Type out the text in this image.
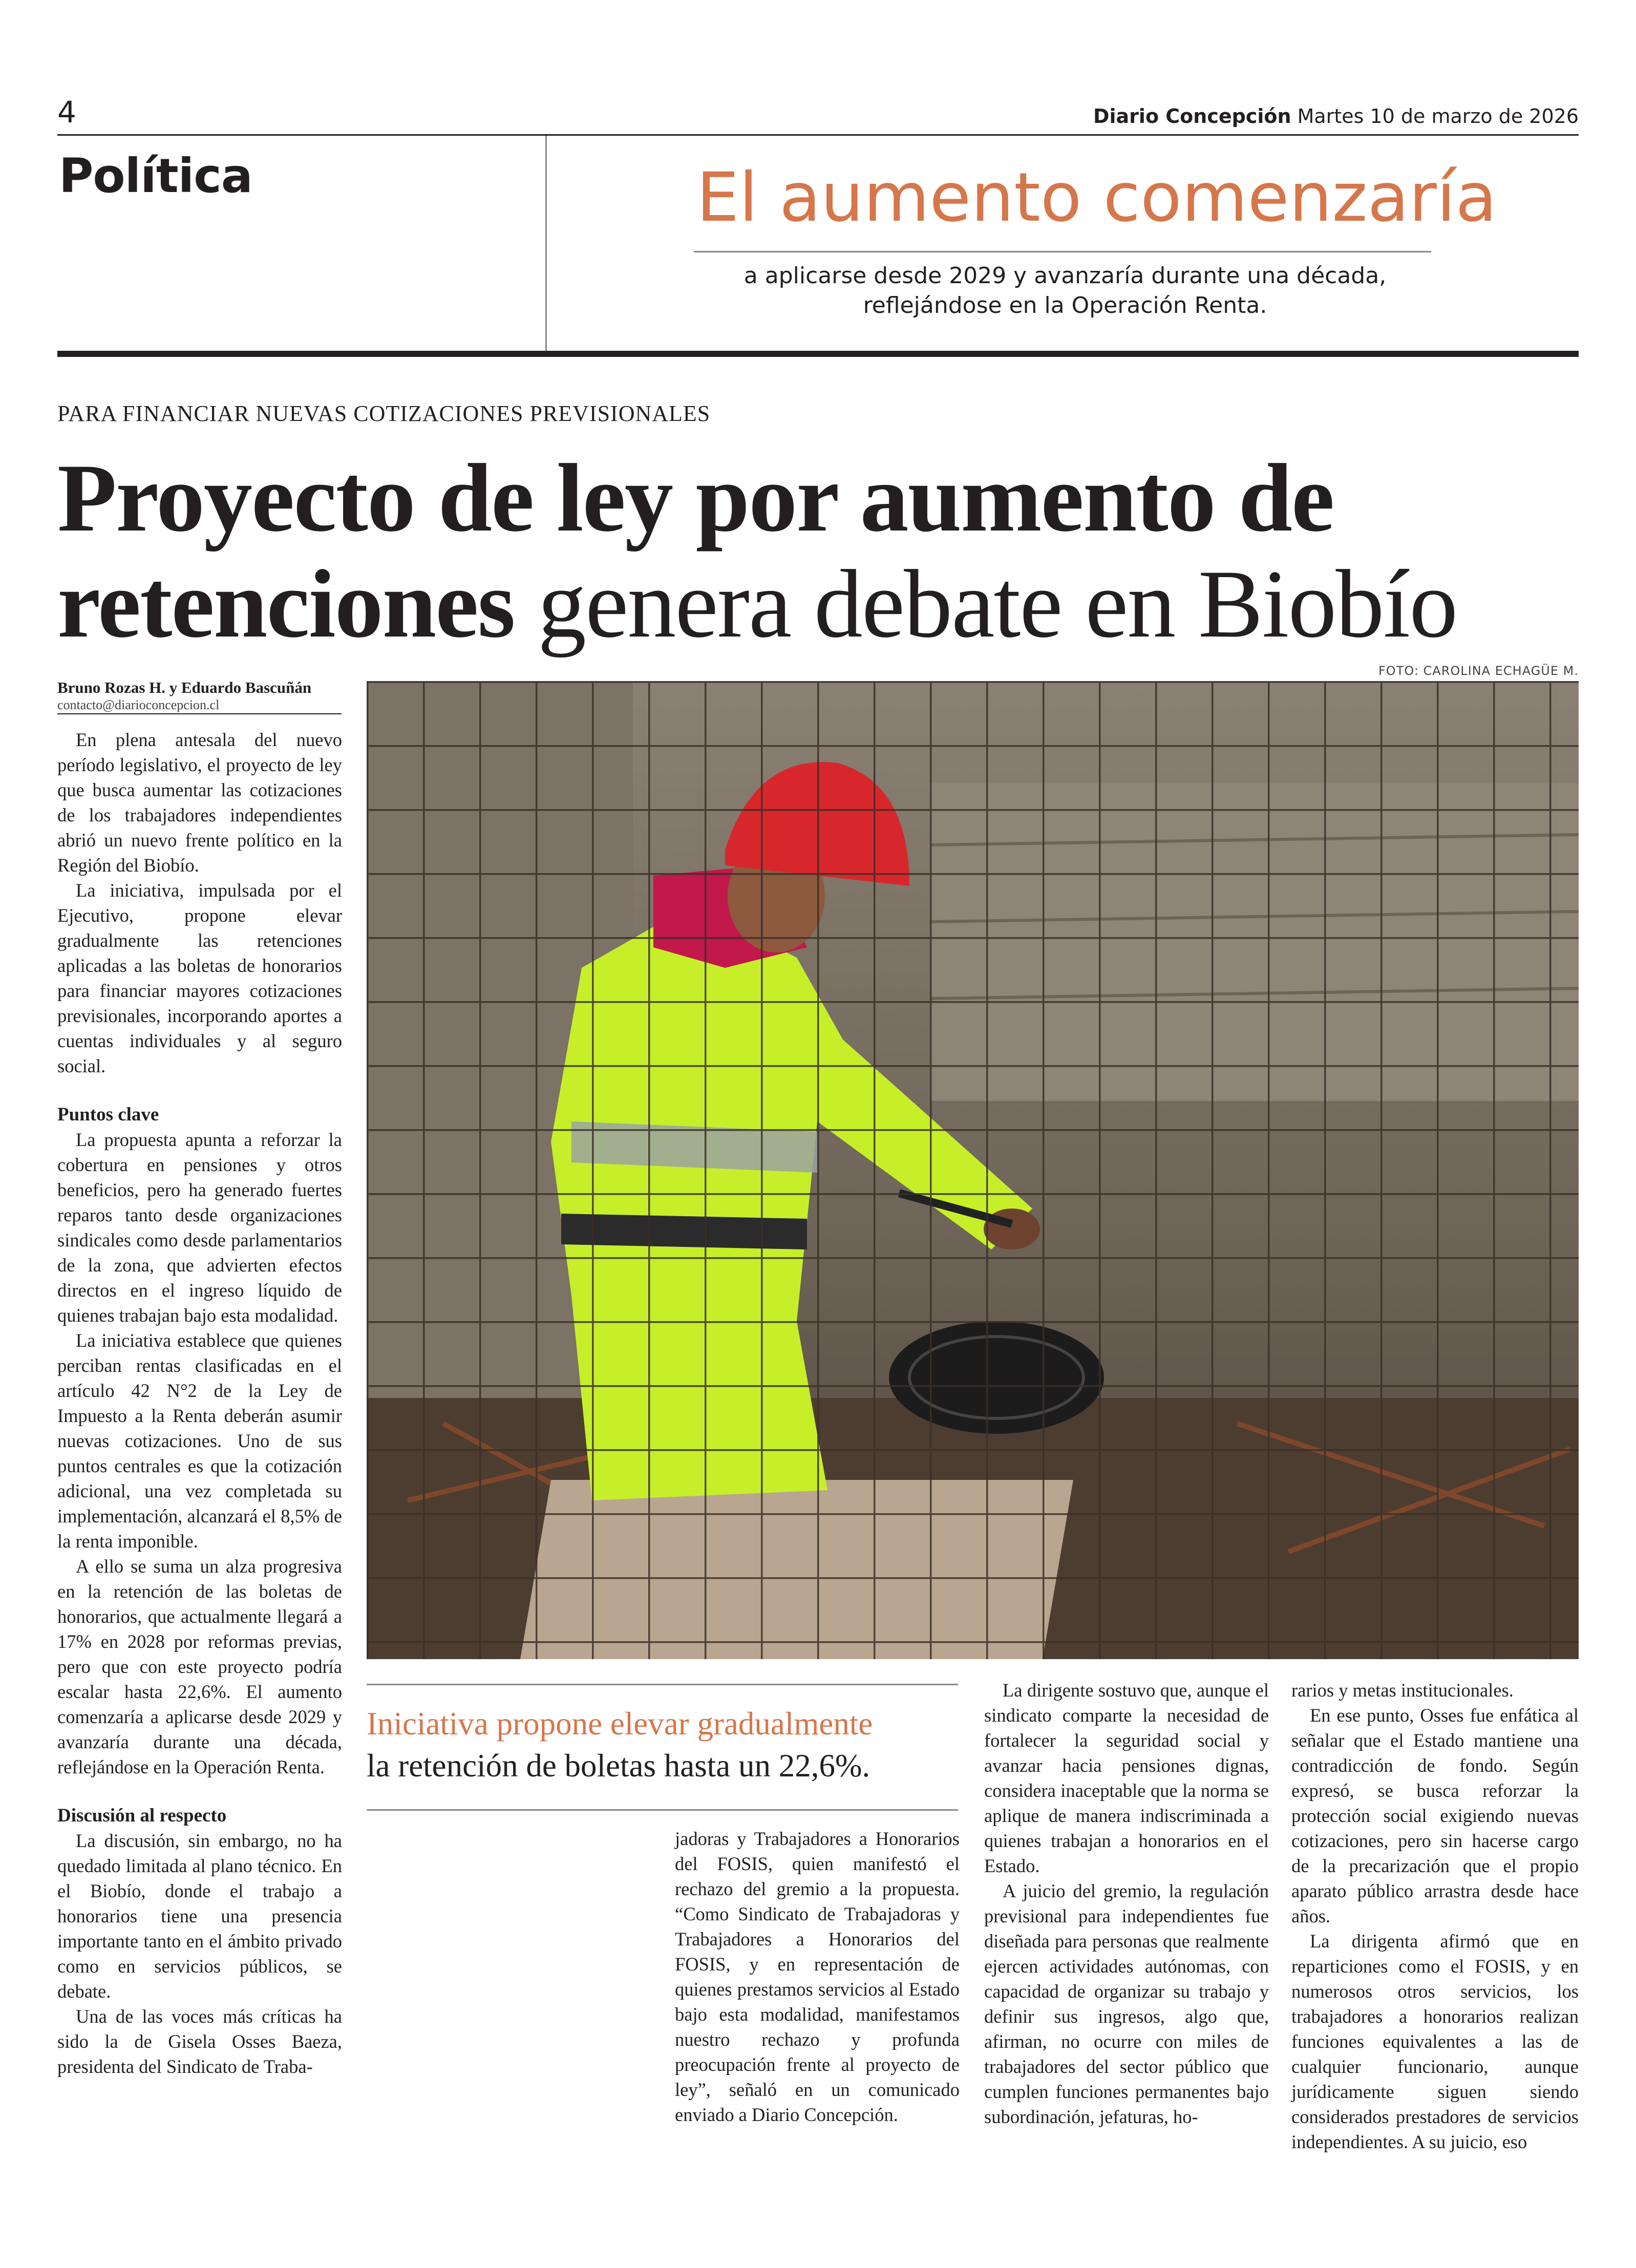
4	Diario Concepción Martes 10 de marzo de 2026
Política	El aumento comenzaría
a aplicarse desde 2029 y avanzaría durante una década,
reflejándose en la Operación Renta.
PARA FINANCIAR NUEVAS COTIZACIONES PREVISIONALES
Proyecto de ley por aumento de
retenciones genera debate en Biobío
Bruno Rozas H. y Eduardo Bascuñán
contacto@diarioconcepcion.cl
FOTO: CAROLINA ECHAGÜE M.

En plena antesala del nuevo período legislativo, el proyecto de ley que busca aumentar las cotizaciones de los trabajadores independientes abrió un nuevo frente político en la Región del Biobío.

La iniciativa, impulsada por el Ejecutivo, propone elevar gradualmente las retenciones aplicadas a las boletas de honorarios para financiar mayores cotizaciones previsionales, incorporando aportes a cuentas individuales y al seguro social.

Puntos clave

La propuesta apunta a reforzar la cobertura en pensiones y otros beneficios, pero ha generado fuertes reparos tanto desde organizaciones sindicales como desde parlamentarios de la zona, que advierten efectos directos en el ingreso líquido de quienes trabajan bajo esta modalidad.

La iniciativa establece que quienes perciban rentas clasificadas en el artículo 42 N°2 de la Ley de Impuesto a la Renta deberán asumir nuevas cotizaciones. Uno de sus puntos centrales es que la cotización adicional, una vez completada su implementación, alcanzará el 8,5% de la renta imponible.

A ello se suma un alza progresiva en la retención de las boletas de honorarios, que actualmente llegará a 17% en 2028 por reformas previas, pero que con este proyecto podría escalar hasta 22,6%. El aumento comenzaría a aplicarse desde 2029 y avanzaría durante una década, reflejándose en la Operación Renta.

Discusión al respecto

La discusión, sin embargo, no ha quedado limitada al plano técnico. En el Biobío, donde el trabajo a honorarios tiene una presencia importante tanto en el ámbito privado como en servicios públicos, se debate.

Una de las voces más críticas ha sido la de Gisela Osses Baeza, presidenta del Sindicato de Traba-

Iniciativa propone elevar gradualmente
la retención de boletas hasta un 22,6%.

jadoras y Trabajadores a Honorarios del FOSIS, quien manifestó el rechazo del gremio a la propuesta. “Como Sindicato de Trabajadoras y Trabajadores a Honorarios del FOSIS, y en representación de quienes prestamos servicios al Estado bajo esta modalidad, manifestamos nuestro rechazo y profunda preocupación frente al proyecto de ley”, señaló en un comunicado enviado a Diario Concepción.

La dirigente sostuvo que, aunque el sindicato comparte la necesidad de fortalecer la seguridad social y avanzar hacia pensiones dignas, considera inaceptable que la norma se aplique de manera indiscriminada a quienes trabajan a honorarios en el Estado.

A juicio del gremio, la regulación previsional para independientes fue diseñada para personas que realmente ejercen actividades autónomas, con capacidad de organizar su trabajo y definir sus ingresos, algo que, afirman, no ocurre con miles de trabajadores del sector público que cumplen funciones permanentes bajo subordinación, jefaturas, ho-

rarios y metas institucionales.

En ese punto, Osses fue enfática al señalar que el Estado mantiene una contradicción de fondo. Según expresó, se busca reforzar la protección social exigiendo nuevas cotizaciones, pero sin hacerse cargo de la precarización que el propio aparato público arrastra desde hace años.

La dirigenta afirmó que en reparticiones como el FOSIS, y en numerosos otros servicios, los trabajadores a honorarios realizan funciones equivalentes a las de cualquier funcionario, aunque jurídicamente siguen siendo considerados prestadores de servicios independientes. A su juicio, eso
